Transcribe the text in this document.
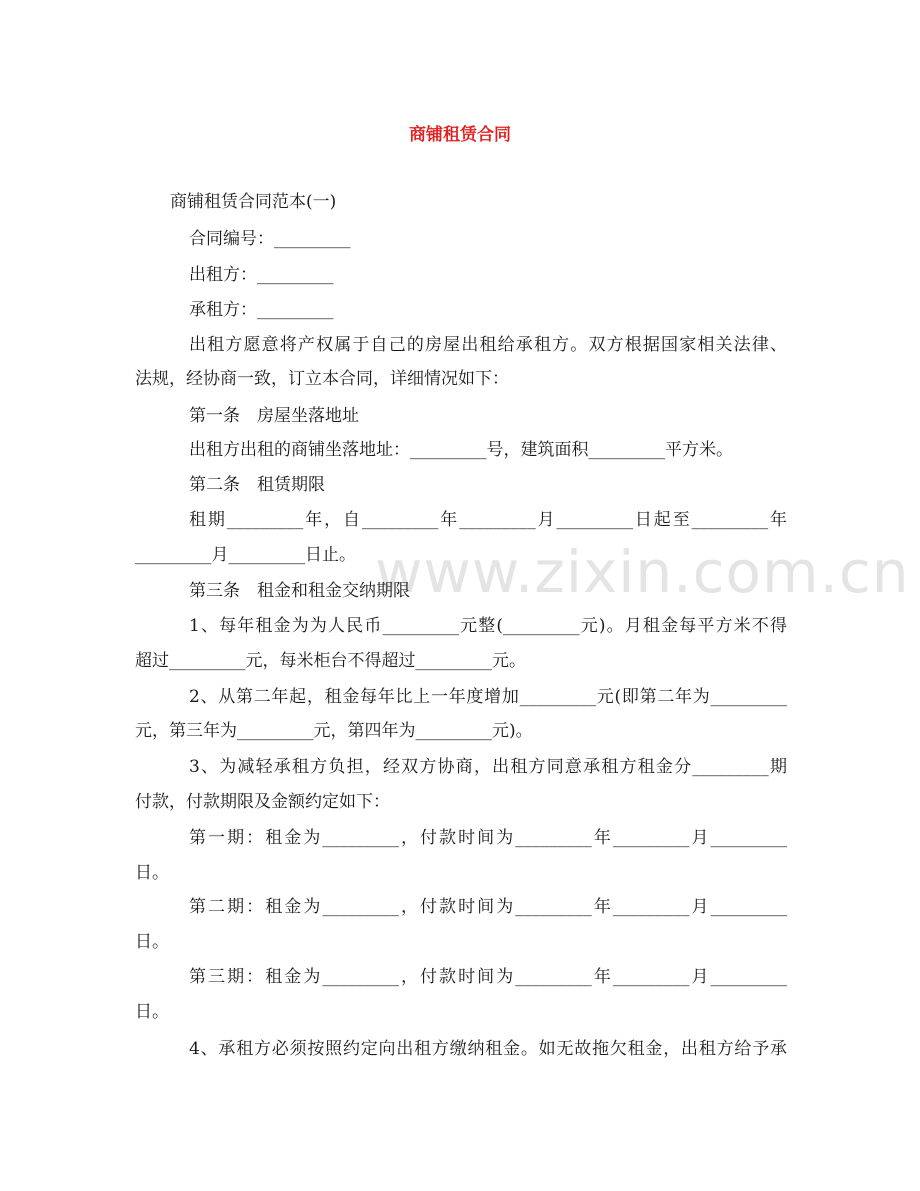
商铺租赁合同
www.zixin.com.cn
商铺租赁合同范本(一)
合同编号：_________
出租方：_________
承租方：_________
出租方愿意将产权属于自己的房屋出租给承租方。双方根据国家相关法律、
法规，经协商一致，订立本合同，详细情况如下：
第一条　房屋坐落地址
出租方出租的商铺坐落地址：_________号，建筑面积_________平方米。
第二条　租赁期限
租期_________年，自_________年_________月_________日起至_________年
_________月_________日止。
第三条　租金和租金交纳期限
1、每年租金为为人民币_________元整(_________元)。月租金每平方米不得
超过_________元，每米柜台不得超过_________元。
2、从第二年起，租金每年比上一年度增加_________元(即第二年为_________
元，第三年为_________元，第四年为_________元)。
3、为减轻承租方负担，经双方协商，出租方同意承租方租金分_________期
付款，付款期限及金额约定如下：
第一期：租金为_________，付款时间为_________年_________月_________
日。
第二期：租金为_________，付款时间为_________年_________月_________
日。
第三期：租金为_________，付款时间为_________年_________月_________
日。
4、承租方必须按照约定向出租方缴纳租金。如无故拖欠租金，出租方给予承
